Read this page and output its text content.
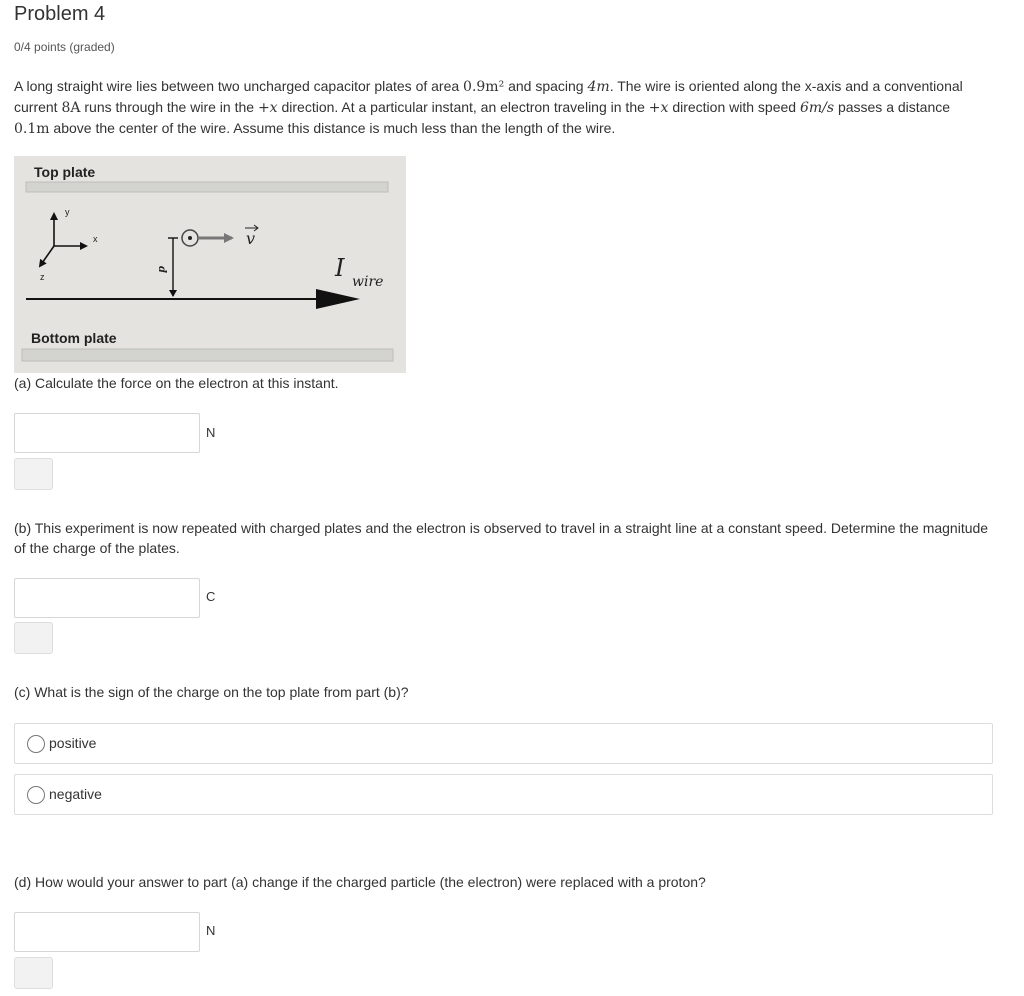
Problem 4
0/4 points (graded)
A long straight wire lies between two uncharged capacitor plates of area 0.9m² and spacing 4m. The wire is oriented along the x-axis and a conventional current 8A runs through the wire in the +x direction. At a particular instant, an electron traveling in the +x direction with speed 6m/s passes a distance 0.1m above the center of the wire. Assume this distance is much less than the length of the wire.
Top plate
y
x
z
d
v
I wire
Bottom plate
(a) Calculate the force on the electron at this instant.
N
(b) This experiment is now repeated with charged plates and the electron is observed to travel in a straight line at a constant speed. Determine the magnitude of the charge of the plates.
C
(c) What is the sign of the charge on the top plate from part (b)?
positive
negative
(d) How would your answer to part (a) change if the charged particle (the electron) were replaced with a proton?
N
